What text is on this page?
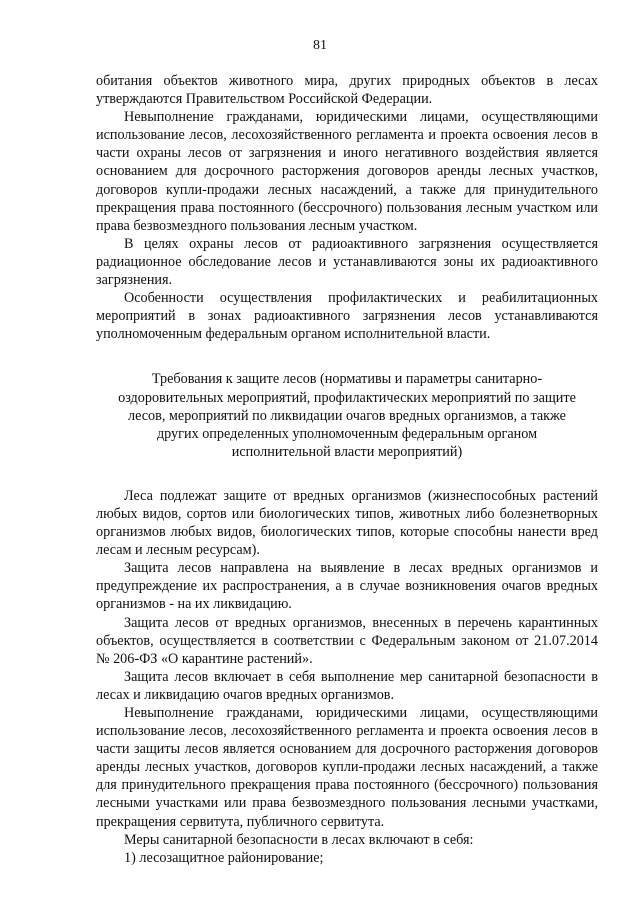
81

обитания объектов животного мира, других природных объектов в лесах утверждаются Правительством Российской Федерации.

Невыполнение гражданами, юридическими лицами, осуществляющими использование лесов, лесохозяйственного регламента и проекта освоения лесов в части охраны лесов от загрязнения и иного негативного воздействия является основанием для досрочного расторжения договоров аренды лесных участков, договоров купли-продажи лесных насаждений, а также для принудительного прекращения права постоянного (бессрочного) пользования лесным участком или права безвозмездного пользования лесным участком.

В целях охраны лесов от радиоактивного загрязнения осуществляется радиационное обследование лесов и устанавливаются зоны их радиоактивного загрязнения.

Особенности осуществления профилактических и реабилитационных мероприятий в зонах радиоактивного загрязнения лесов устанавливаются уполномоченным федеральным органом исполнительной власти.

Требования к защите лесов (нормативы и параметры санитарно-оздоровительных мероприятий, профилактических мероприятий по защите лесов, мероприятий по ликвидации очагов вредных организмов, а также других определенных уполномоченным федеральным органом исполнительной власти мероприятий)

Леса подлежат защите от вредных организмов (жизнеспособных растений любых видов, сортов или биологических типов, животных либо болезнетворных организмов любых видов, биологических типов, которые способны нанести вред лесам и лесным ресурсам).

Защита лесов направлена на выявление в лесах вредных организмов и предупреждение их распространения, а в случае возникновения очагов вредных организмов - на их ликвидацию.

Защита лесов от вредных организмов, внесенных в перечень карантинных объектов, осуществляется в соответствии с Федеральным законом от 21.07.2014 № 206-ФЗ «О карантине растений».

Защита лесов включает в себя выполнение мер санитарной безопасности в лесах и ликвидацию очагов вредных организмов.

Невыполнение гражданами, юридическими лицами, осуществляющими использование лесов, лесохозяйственного регламента и проекта освоения лесов в части защиты лесов является основанием для досрочного расторжения договоров аренды лесных участков, договоров купли-продажи лесных насаждений, а также для принудительного прекращения права постоянного (бессрочного) пользования лесными участками или права безвозмездного пользования лесными участками, прекращения сервитута, публичного сервитута.

Меры санитарной безопасности в лесах включают в себя:

1) лесозащитное районирование;
